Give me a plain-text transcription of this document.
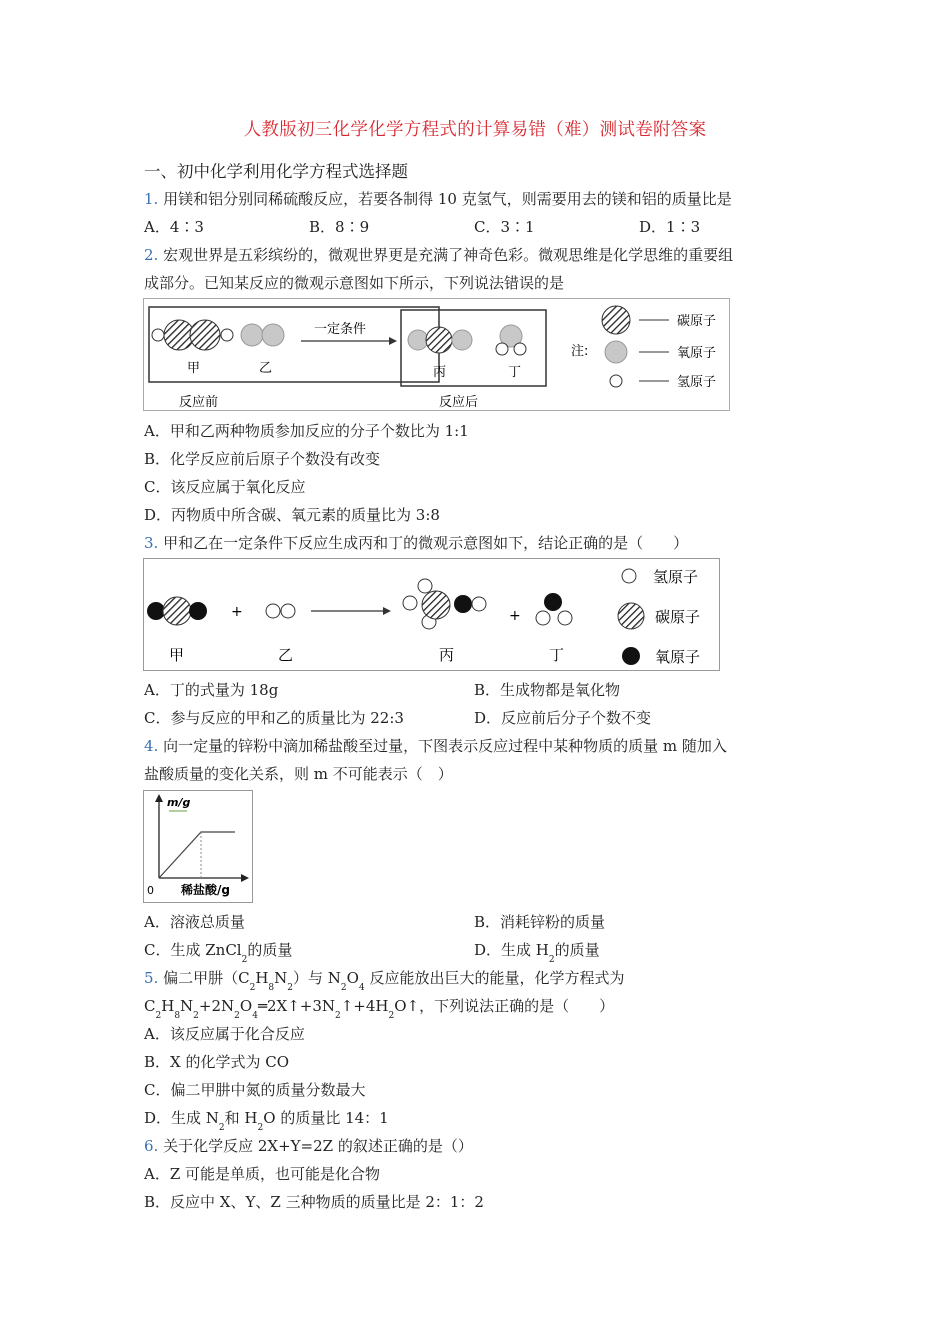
人教版初三化学化学方程式的计算易错（难）测试卷附答案
一、初中化学利用化学方程式选择题
1. 用镁和铝分别同稀硫酸反应，若要各制得 10 克氢气，则需要用去的镁和铝的质量比是
A．4∶3	B．8∶9	C．3∶1	D．1∶3
2. 宏观世界是五彩缤纷的，微观世界更是充满了神奇色彩。微观思维是化学思维的重要组
成部分。已知某反应的微观示意图如下所示，下列说法错误的是
甲	乙
一定条件
丙	丁
反应前	反应后
注:
碳原子
氧原子
氢原子
A．甲和乙两种物质参加反应的分子个数比为 1:1
B．化学反应前后原子个数没有改变
C．该反应属于氧化反应
D．丙物质中所含碳、氧元素的质量比为 3:8
3. 甲和乙在一定条件下反应生成丙和丁的微观示意图如下，结论正确的是（　　）
+	+
甲	乙	丙	丁
氢原子
碳原子
氧原子
A．丁的式量为 18g	B．生成物都是氧化物
C．参与反应的甲和乙的质量比为 22:3	D．反应前后分子个数不变
4. 向一定量的锌粉中滴加稀盐酸至过量，下图表示反应过程中某种物质的质量 m 随加入
盐酸质量的变化关系，则 m 不可能表示（　）
m/g
0 稀盐酸/g
A．溶液总质量	B．消耗锌粉的质量
C．生成 ZnCl$_2$的质量	D．生成 $H_2$的质量
5. 偏二甲肼$(C_2H_8N_2)$与 $N_2O_4$ 反应能放出巨大的能量，化学方程式为
$C_2H_8N_2+2N_2O_4═2X↑+3N_2↑+4H_2O↑$，下列说法正确的是（　　）
A．该反应属于化合反应
B．X 的化学式为 CO
C．偏二甲肼中氮的质量分数最大
D．生成 $N_2$和 $H_2O$ 的质量比 14：1
6. 关于化学反应 2X+Y=2Z 的叙述正确的是（）
A．Z 可能是单质，也可能是化合物
B．反应中 X、Y、Z 三种物质的质量比是 2：1：2
